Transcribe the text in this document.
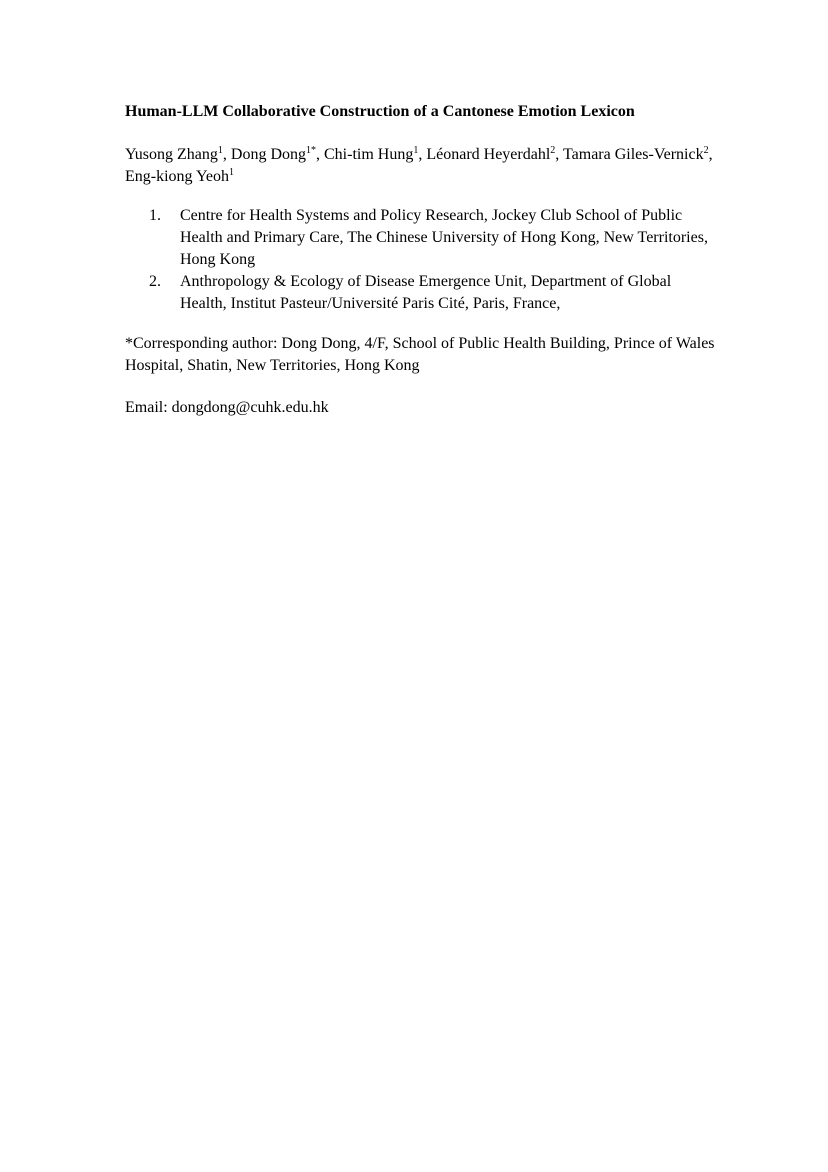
Human-LLM Collaborative Construction of a Cantonese Emotion Lexicon
Yusong Zhang$^1$, Dong Dong$^{1*}$, Chi-tim Hung$^1$, Léonard Heyerdahl$^2$, Tamara Giles-Vernick$^2$, Eng-kiong Yeoh$^1$
1. Centre for Health Systems and Policy Research, Jockey Club School of Public Health and Primary Care, The Chinese University of Hong Kong, New Territories, Hong Kong
2. Anthropology & Ecology of Disease Emergence Unit, Department of Global Health, Institut Pasteur/Université Paris Cité, Paris, France,
*Corresponding author: Dong Dong, 4/F, School of Public Health Building, Prince of Wales Hospital, Shatin, New Territories, Hong Kong
Email: dongdong@cuhk.edu.hk
